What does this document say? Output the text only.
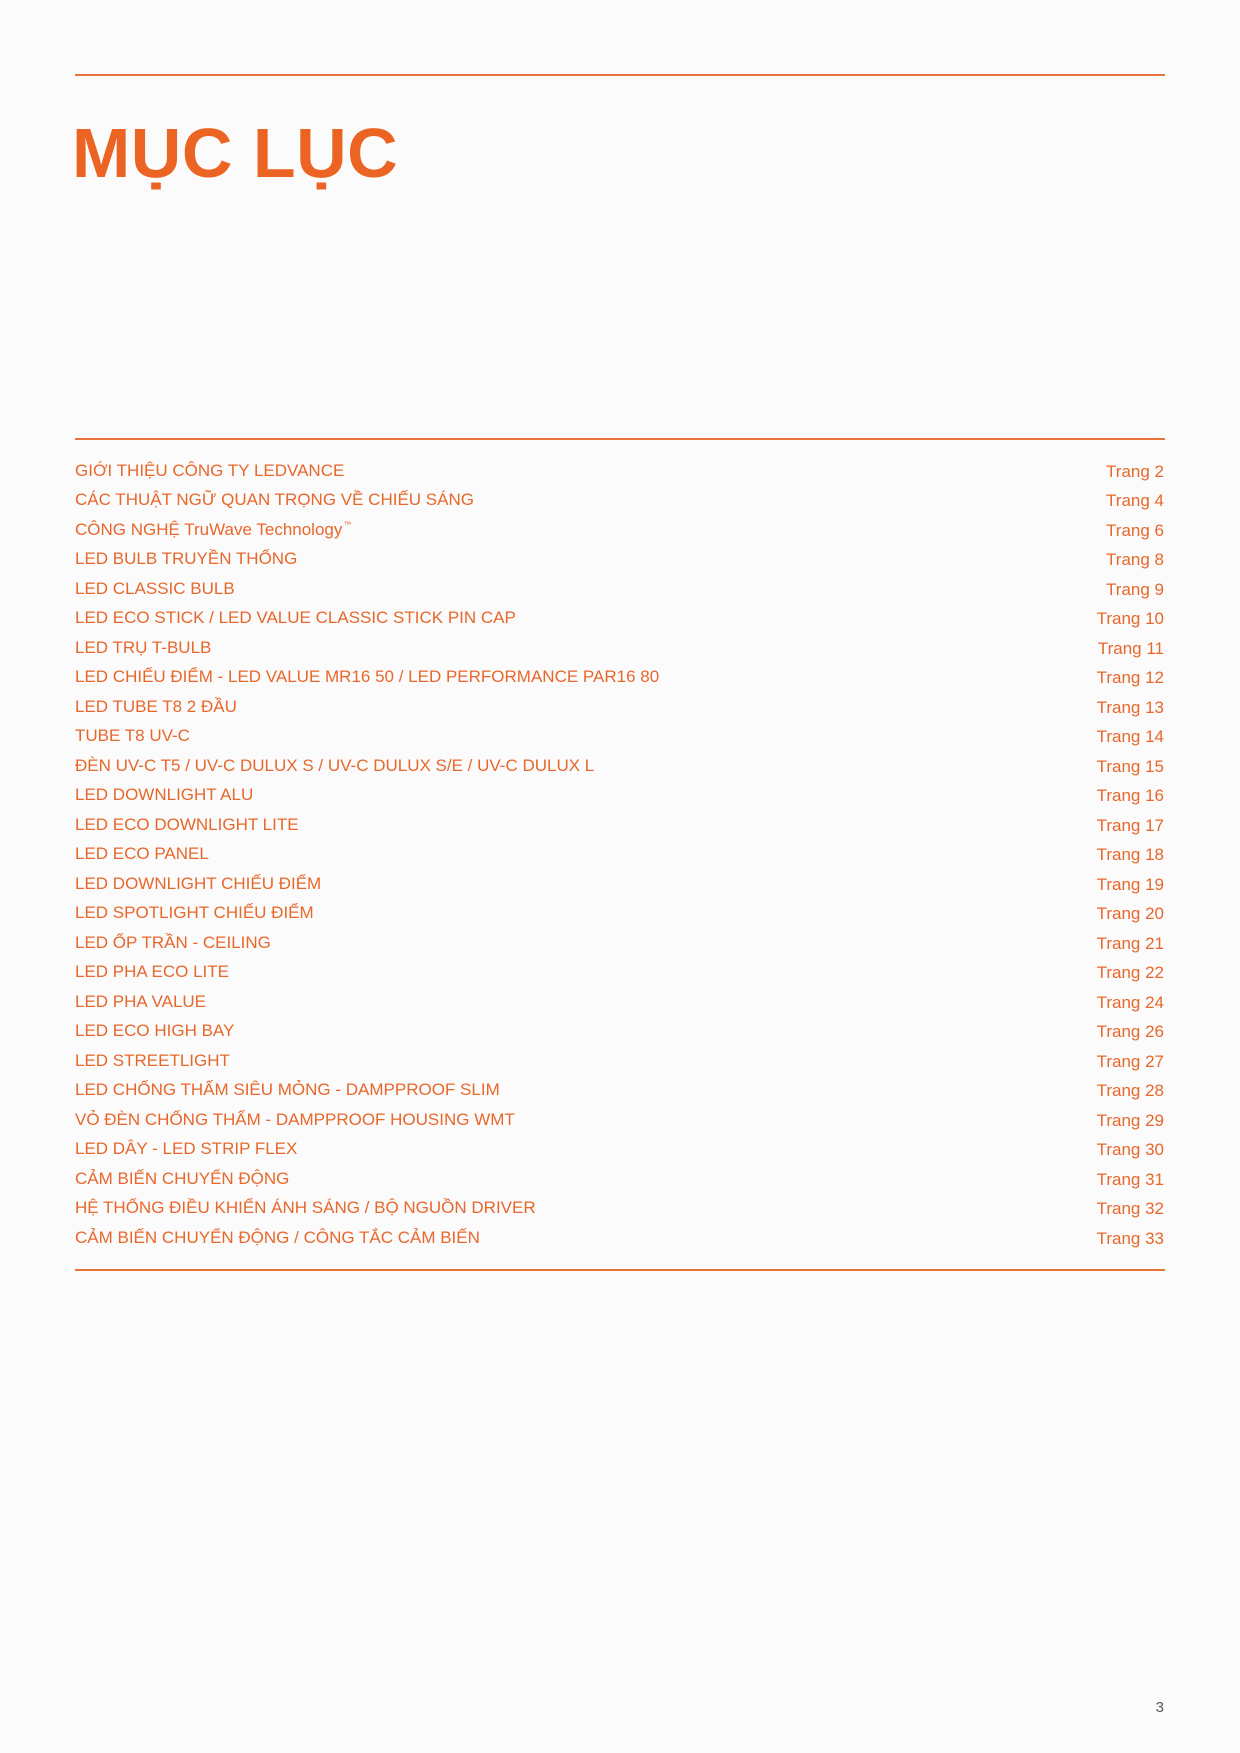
MỤC LỤC
GIỚI THIỆU CÔNG TY LEDVANCE	Trang 2
CÁC THUẬT NGỮ QUAN TRỌNG VỀ CHIẾU SÁNG	Trang 4
CÔNG NGHỆ TruWave Technology™	Trang 6
LED BULB TRUYỀN THỐNG	Trang 8
LED CLASSIC BULB	Trang 9
LED ECO STICK / LED VALUE CLASSIC STICK PIN CAP	Trang 10
LED TRỤ T-BULB	Trang 11
LED CHIẾU ĐIỂM - LED VALUE MR16 50 / LED PERFORMANCE PAR16 80	Trang 12
LED TUBE T8 2 ĐẦU	Trang 13
TUBE T8 UV-C	Trang 14
ĐÈN UV-C T5 / UV-C DULUX S / UV-C DULUX S/E / UV-C DULUX L	Trang 15
LED DOWNLIGHT ALU	Trang 16
LED ECO DOWNLIGHT LITE	Trang 17
LED ECO PANEL	Trang 18
LED DOWNLIGHT CHIẾU ĐIỂM	Trang 19
LED SPOTLIGHT CHIẾU ĐIỂM	Trang 20
LED ỐP TRẦN - CEILING	Trang 21
LED PHA ECO LITE	Trang 22
LED PHA VALUE	Trang 24
LED ECO HIGH BAY	Trang 26
LED STREETLIGHT	Trang 27
LED CHỐNG THẤM SIÊU MỎNG - DAMPPROOF SLIM	Trang 28
VỎ ĐÈN CHỐNG THẤM - DAMPPROOF HOUSING WMT	Trang 29
LED DÂY - LED STRIP FLEX	Trang 30
CẢM BIẾN CHUYỂN ĐỘNG	Trang 31
HỆ THỐNG ĐIỀU KHIỂN ÁNH SÁNG / BỘ NGUỒN DRIVER	Trang 32
CẢM BIẾN CHUYỂN ĐỘNG / CÔNG TẮC CẢM BIẾN	Trang 33
3
